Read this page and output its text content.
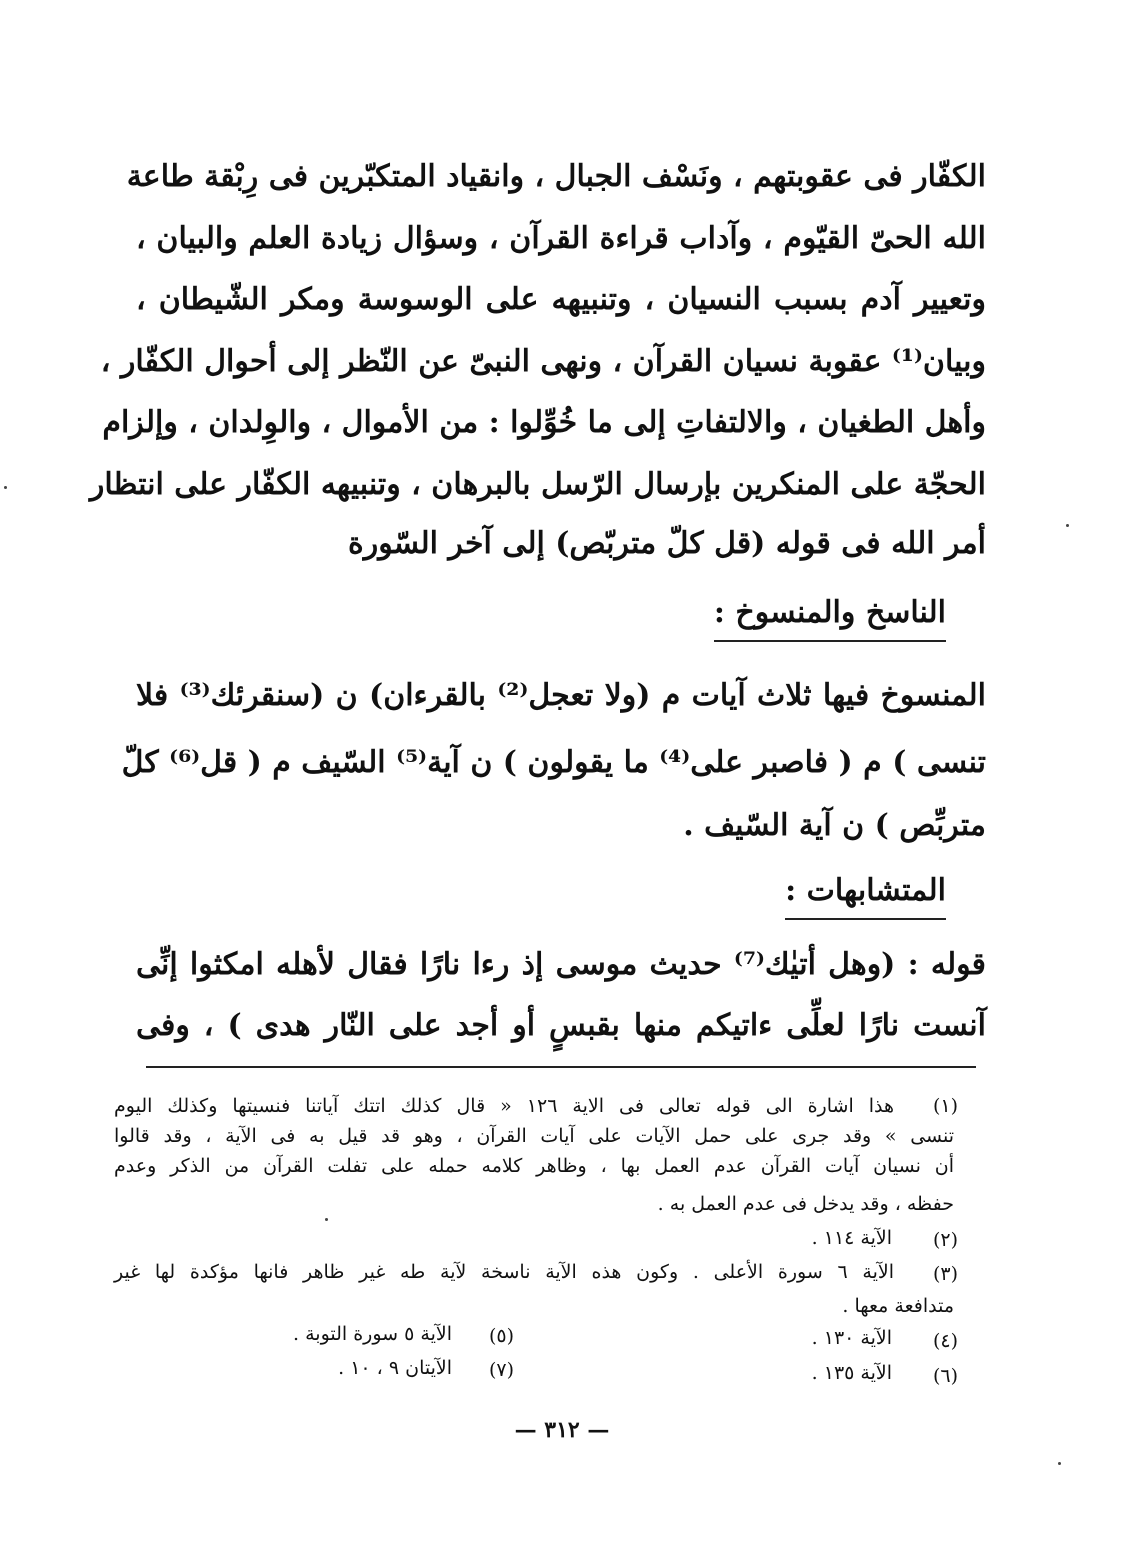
الكفّار فى عقوبتهم ، ونَسْف الجبال ، وانقياد المتكبّرين فى رِبْقة طاعة
الله الحىّ القيّوم ، وآداب قراءة القرآن ، وسؤال زيادة العلم والبيان ،
وتعيير آدم بسبب النسيان ، وتنبيهه على الوسوسة ومكر الشّيطان ،
وبيان⁽¹⁾ عقوبة نسيان القرآن ، ونهى النبىّ عن النّظر إلى أحوال الكفّار ،
وأهل الطغيان ، والالتفاتِ إلى ما خُوِّلوا : من الأموال ، والوِلدان ، وإلزام
الحجّة على المنكرين بإرسال الرّسل بالبرهان ، وتنبيهه الكفّار على انتظار
أمر الله فى قوله (قل كلّ متربّص) إلى آخر السّورة
الناسخ والمنسوخ :
المنسوخ فيها ثلاث آيات م (ولا تعجل⁽²⁾ بالقرءان) ن (سنقرئك⁽³⁾ فلا
تنسى ) م ( فاصبر على⁽⁴⁾ ما يقولون ) ن آية⁽⁵⁾ السّيف م ( قل⁽⁶⁾ كلّ
متربِّص ) ن آية السّيف .
المتشابهات :
قوله : (وهل أتيٰك⁽⁷⁾ حديث موسى إذ رءا نارًا فقال لأهله امكثوا إنِّى
آنست نارًا لعلِّى ءاتيكم منها بقبسٍ أو أجد على النّار هدى ) ، وفى
(١)
هذا اشارة الى قوله تعالى فى الاية ١٢٦ « قال كذلك اتتك آياتنا فنسيتها وكذلك اليوم
تنسى » وقد جرى على حمل الآيات على آيات القرآن ، وهو قد قيل به فى الآية ، وقد قالوا
أن نسيان آيات القرآن عدم العمل بها ، وظاهر كلامه حمله على تفلت القرآن من الذكر وعدم
حفظه ، وقد يدخل فى عدم العمل به .
(٢)
الآية ١١٤ .
(٣)
الآية ٦ سورة الأعلى . وكون هذه الآية ناسخة لآية طه غير ظاهر فانها مؤكدة لها غير
متدافعة معها .
(٤)
الآية ١٣٠ .
(٥)
الآية ٥ سورة التوبة .
(٦)
الآية ١٣٥ .
(٧)
الآيتان ٩ ، ١٠ .
— ٣١٢ —
